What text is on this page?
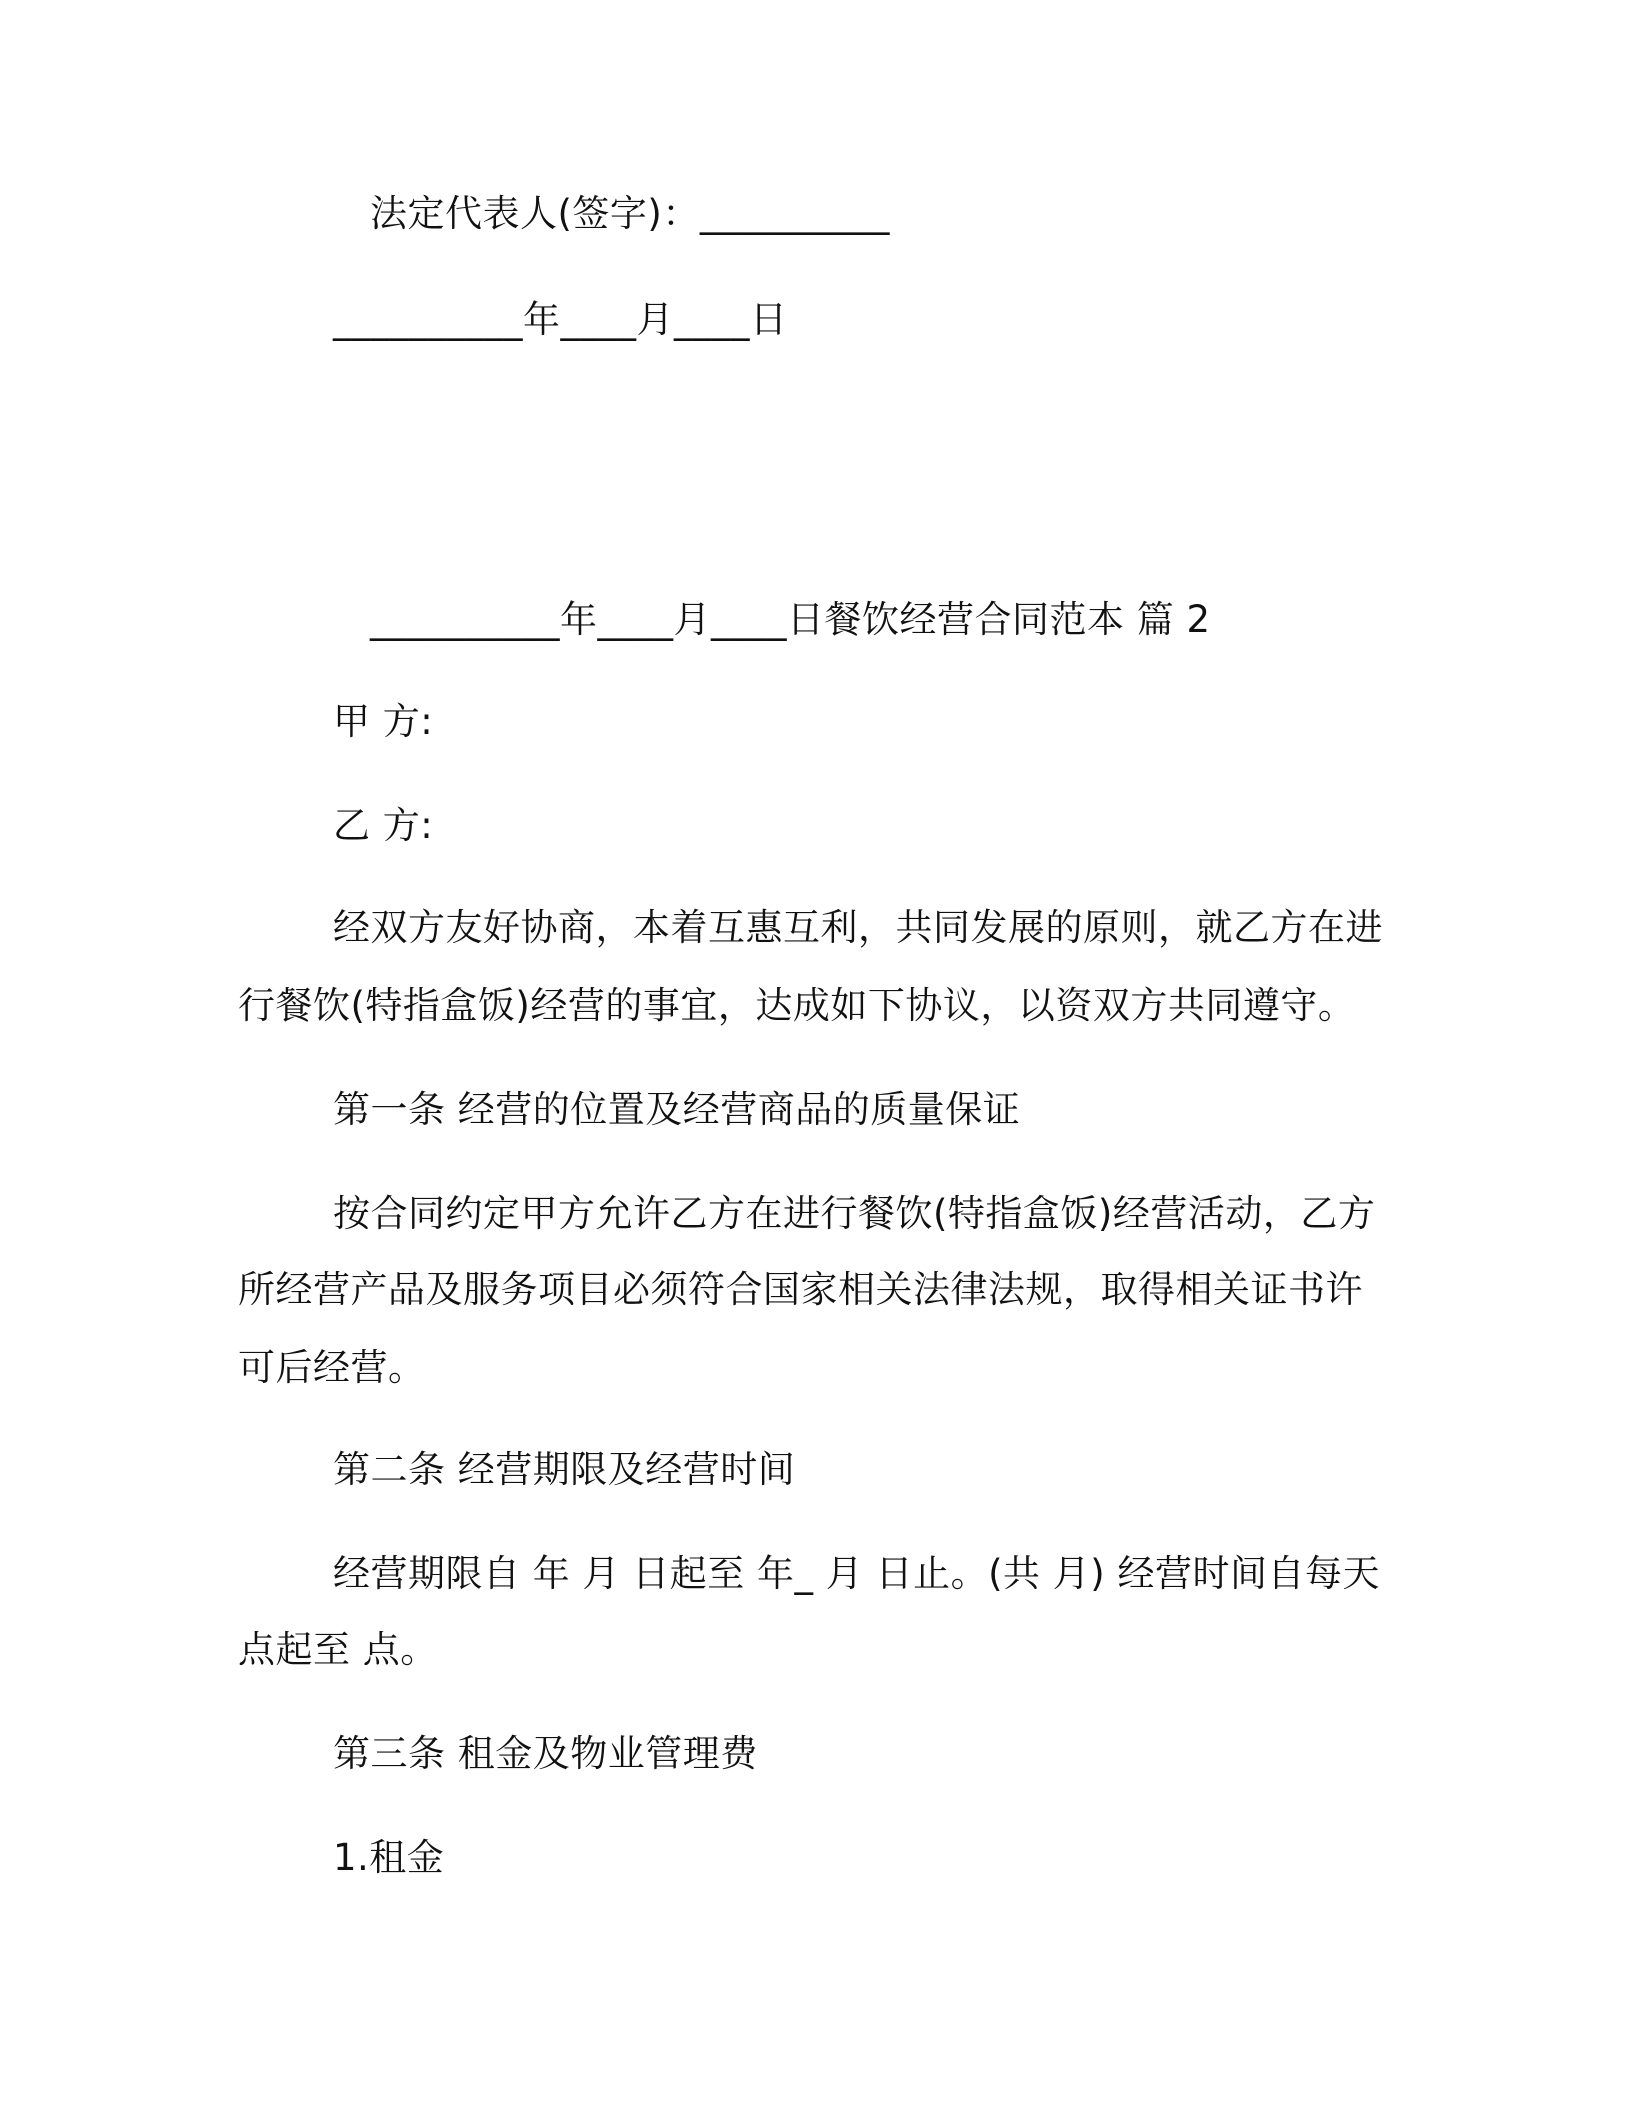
法定代表人(签字)：__________
__________年____月____日
__________年____月____日餐饮经营合同范本 篇 2
甲 方:
乙 方:
经双方友好协商，本着互惠互利，共同发展的原则，就乙方在进
行餐饮(特指盒饭)经营的事宜，达成如下协议，以资双方共同遵守。
第一条 经营的位置及经营商品的质量保证
按合同约定甲方允许乙方在进行餐饮(特指盒饭)经营活动，乙方
所经营产品及服务项目必须符合国家相关法律法规，取得相关证书许
可后经营。
第二条 经营期限及经营时间
经营期限自 年 月 日起至 年_ 月 日止。(共 月) 经营时间自每天
点起至 点。
第三条 租金及物业管理费
1.租金
